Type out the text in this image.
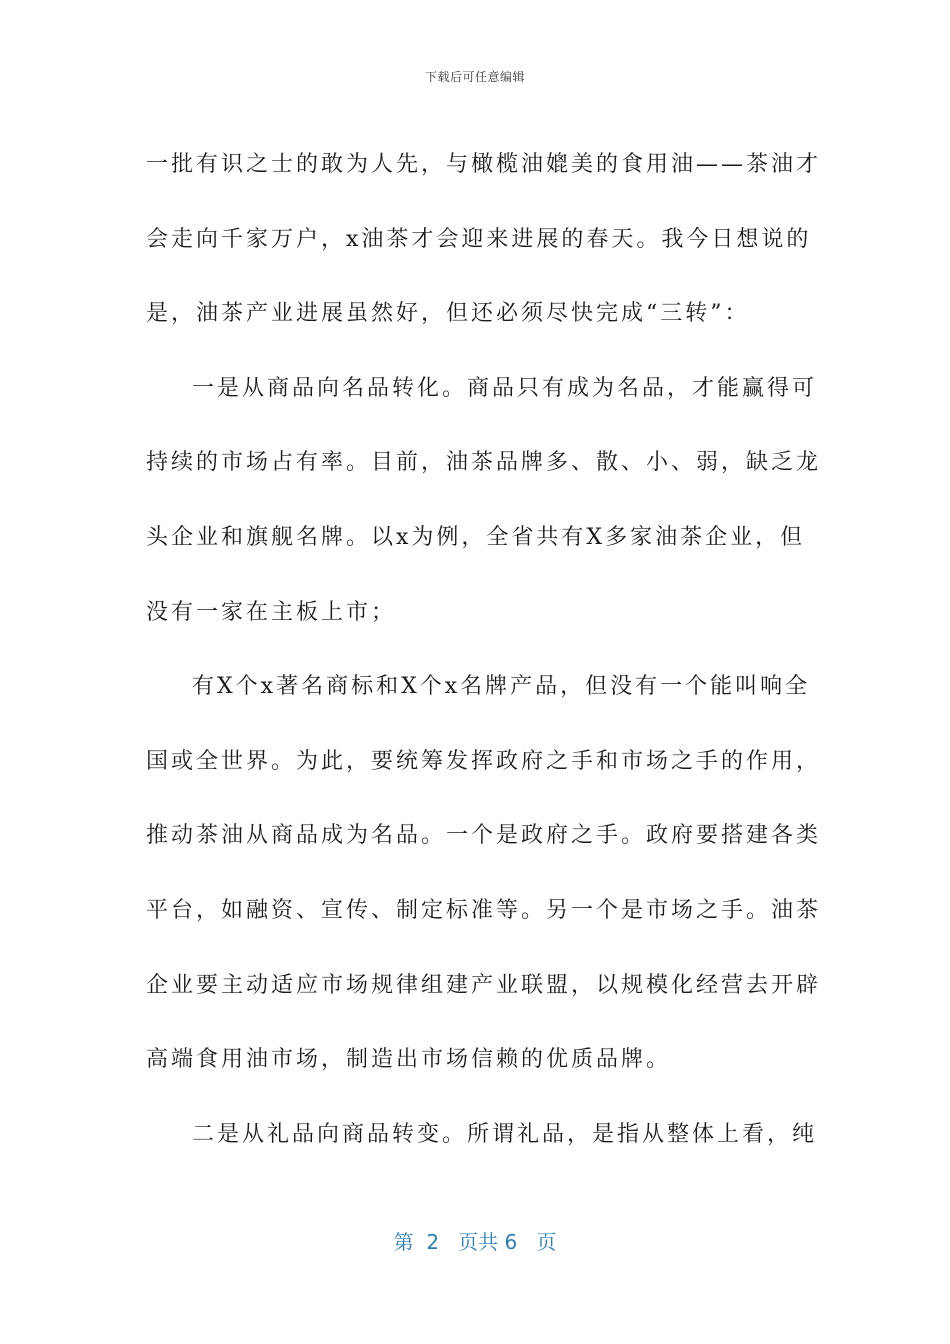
下载后可任意编辑
一批有识之士的敢为人先，与橄榄油媲美的食用油——茶油才
会走向千家万户，x油茶才会迎来进展的春天。我今日想说的
是，油茶产业进展虽然好，但还必须尽快完成“三转”：
一是从商品向名品转化。商品只有成为名品，才能赢得可
持续的市场占有率。目前，油茶品牌多、散、小、弱，缺乏龙
头企业和旗舰名牌。以x为例，全省共有X多家油茶企业，但
没有一家在主板上市；
有X个x著名商标和X个x名牌产品，但没有一个能叫响全
国或全世界。为此，要统筹发挥政府之手和市场之手的作用，
推动茶油从商品成为名品。一个是政府之手。政府要搭建各类
平台，如融资、宣传、制定标准等。另一个是市场之手。油茶
企业要主动适应市场规律组建产业联盟，以规模化经营去开辟
高端食用油市场，制造出市场信赖的优质品牌。
二是从礼品向商品转变。所谓礼品，是指从整体上看，纯
第  2   页共 6   页
